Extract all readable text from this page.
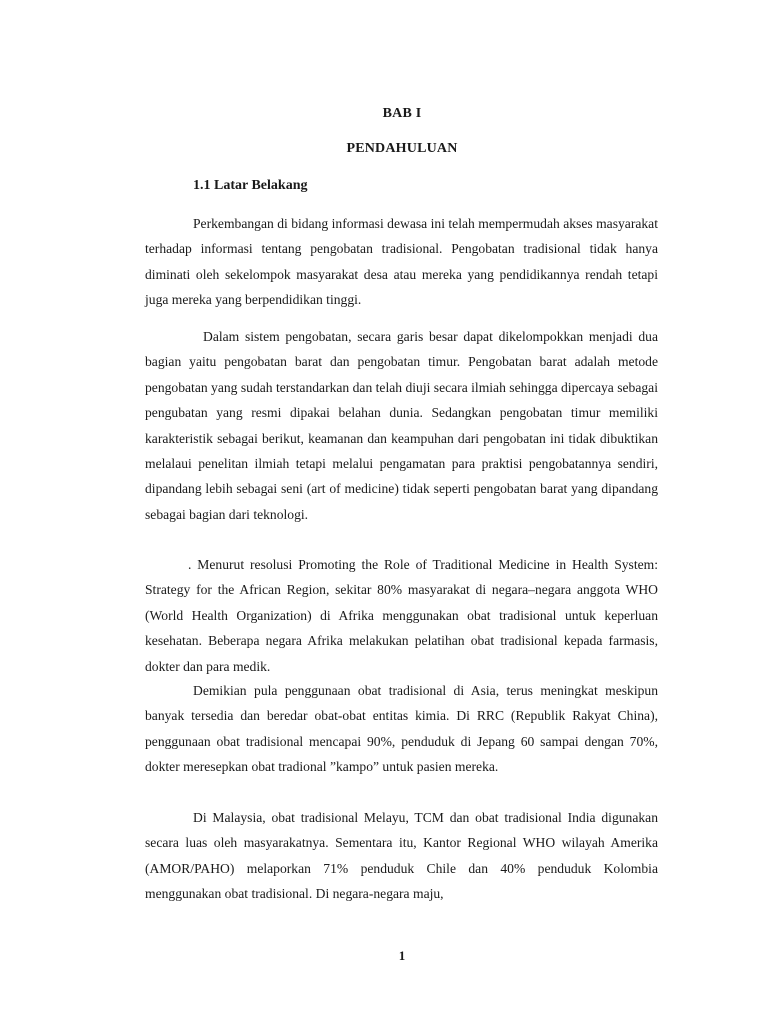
BAB I
PENDAHULUAN
1.1 Latar Belakang

Perkembangan di bidang informasi dewasa ini telah mempermudah akses masyarakat terhadap informasi tentang pengobatan tradisional. Pengobatan tradisional tidak hanya diminati oleh sekelompok masyarakat desa atau mereka yang pendidikannya rendah tetapi juga mereka yang berpendidikan tinggi.

Dalam sistem pengobatan, secara garis besar dapat dikelompokkan menjadi dua bagian yaitu pengobatan barat dan pengobatan timur. Pengobatan barat adalah metode pengobatan yang sudah terstandarkan dan telah diuji secara ilmiah sehingga dipercaya sebagai pengubatan yang resmi dipakai belahan dunia. Sedangkan pengobatan timur memiliki karakteristik sebagai berikut, keamanan dan keampuhan dari pengobatan ini tidak dibuktikan melalaui penelitan ilmiah tetapi melalui pengamatan para praktisi pengobatannya sendiri, dipandang lebih sebagai seni (art of medicine) tidak seperti pengobatan barat yang dipandang sebagai bagian dari teknologi.

. Menurut resolusi Promoting the Role of Traditional Medicine in Health System: Strategy for the African Region, sekitar 80% masyarakat di negara–negara anggota WHO (World Health Organization) di Afrika menggunakan obat tradisional untuk keperluan kesehatan. Beberapa negara Afrika melakukan pelatihan obat tradisional kepada farmasis, dokter dan para medik.

Demikian pula penggunaan obat tradisional di Asia, terus meningkat meskipun banyak tersedia dan beredar obat-obat entitas kimia. Di RRC (Republik Rakyat China), penggunaan obat tradisional mencapai 90%, penduduk di Jepang 60 sampai dengan 70%, dokter meresepkan obat tradional ”kampo” untuk pasien mereka.

Di Malaysia, obat tradisional Melayu, TCM dan obat tradisional India digunakan secara luas oleh masyarakatnya. Sementara itu, Kantor Regional WHO wilayah Amerika (AMOR/PAHO) melaporkan 71% penduduk Chile dan 40% penduduk Kolombia menggunakan obat tradisional. Di negara-negara maju,

1
